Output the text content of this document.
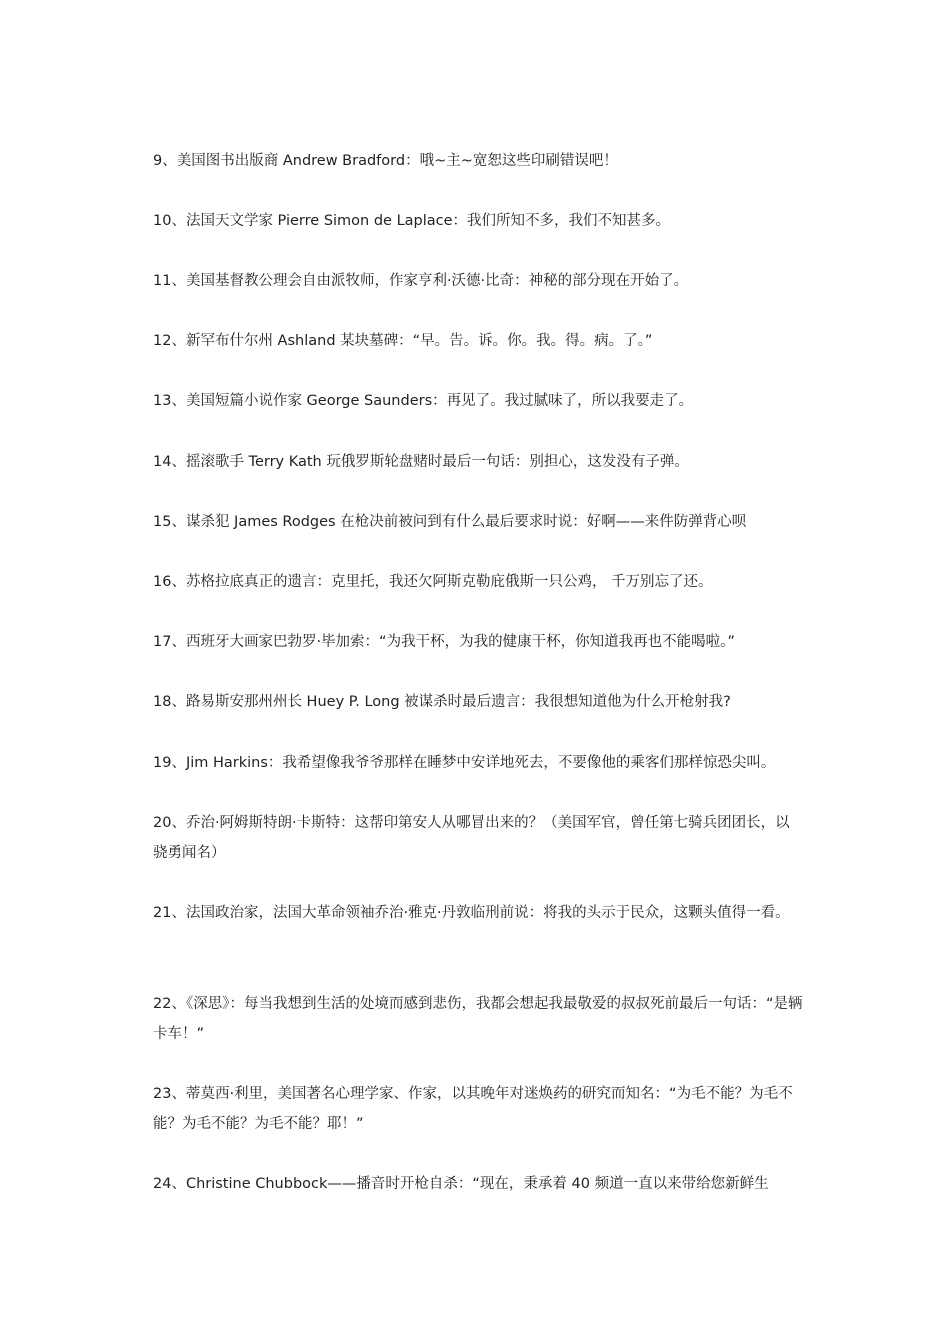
9、美国图书出版商 Andrew Bradford：哦~主~宽恕这些印刷错误吧！
10、法国天文学家 Pierre Simon de Laplace：我们所知不多，我们不知甚多。
11、美国基督教公理会自由派牧师，作家亨利·沃德·比奇：神秘的部分现在开始了。
12、新罕布什尔州 Ashland 某块墓碑：“早。告。诉。你。我。得。病。了。”
13、美国短篇小说作家 George Saunders：再见了。我过腻味了，所以我要走了。
14、摇滚歌手 Terry Kath 玩俄罗斯轮盘赌时最后一句话：别担心，这发没有子弹。
15、谋杀犯 James Rodges 在枪决前被问到有什么最后要求时说：好啊——来件防弹背心呗
16、苏格拉底真正的遗言：克里托，我还欠阿斯克勒庇俄斯一只公鸡， 千万别忘了还。
17、西班牙大画家巴勃罗·毕加索：“为我干杯，为我的健康干杯，你知道我再也不能喝啦。”
18、路易斯安那州州长 Huey P. Long 被谋杀时最后遗言：我很想知道他为什么开枪射我?
19、Jim Harkins：我希望像我爷爷那样在睡梦中安详地死去，不要像他的乘客们那样惊恐尖叫。
20、乔治·阿姆斯特朗·卡斯特：这帮印第安人从哪冒出来的？（美国军官，曾任第七骑兵团团长，以骁勇闻名）
21、法国政治家，法国大革命领袖乔治·雅克·丹敦临刑前说：将我的头示于民众，这颗头值得一看。
22、《深思》：每当我想到生活的处境而感到悲伤，我都会想起我最敬爱的叔叔死前最后一句话：“是辆卡车！”
23、蒂莫西·利里，美国著名心理学家、作家，以其晚年对迷焕药的研究而知名：“为毛不能？为毛不能？为毛不能？为毛不能？耶！”
24、Christine Chubbock——播音时开枪自杀：“现在，秉承着 40 频道一直以来带给您新鲜生
